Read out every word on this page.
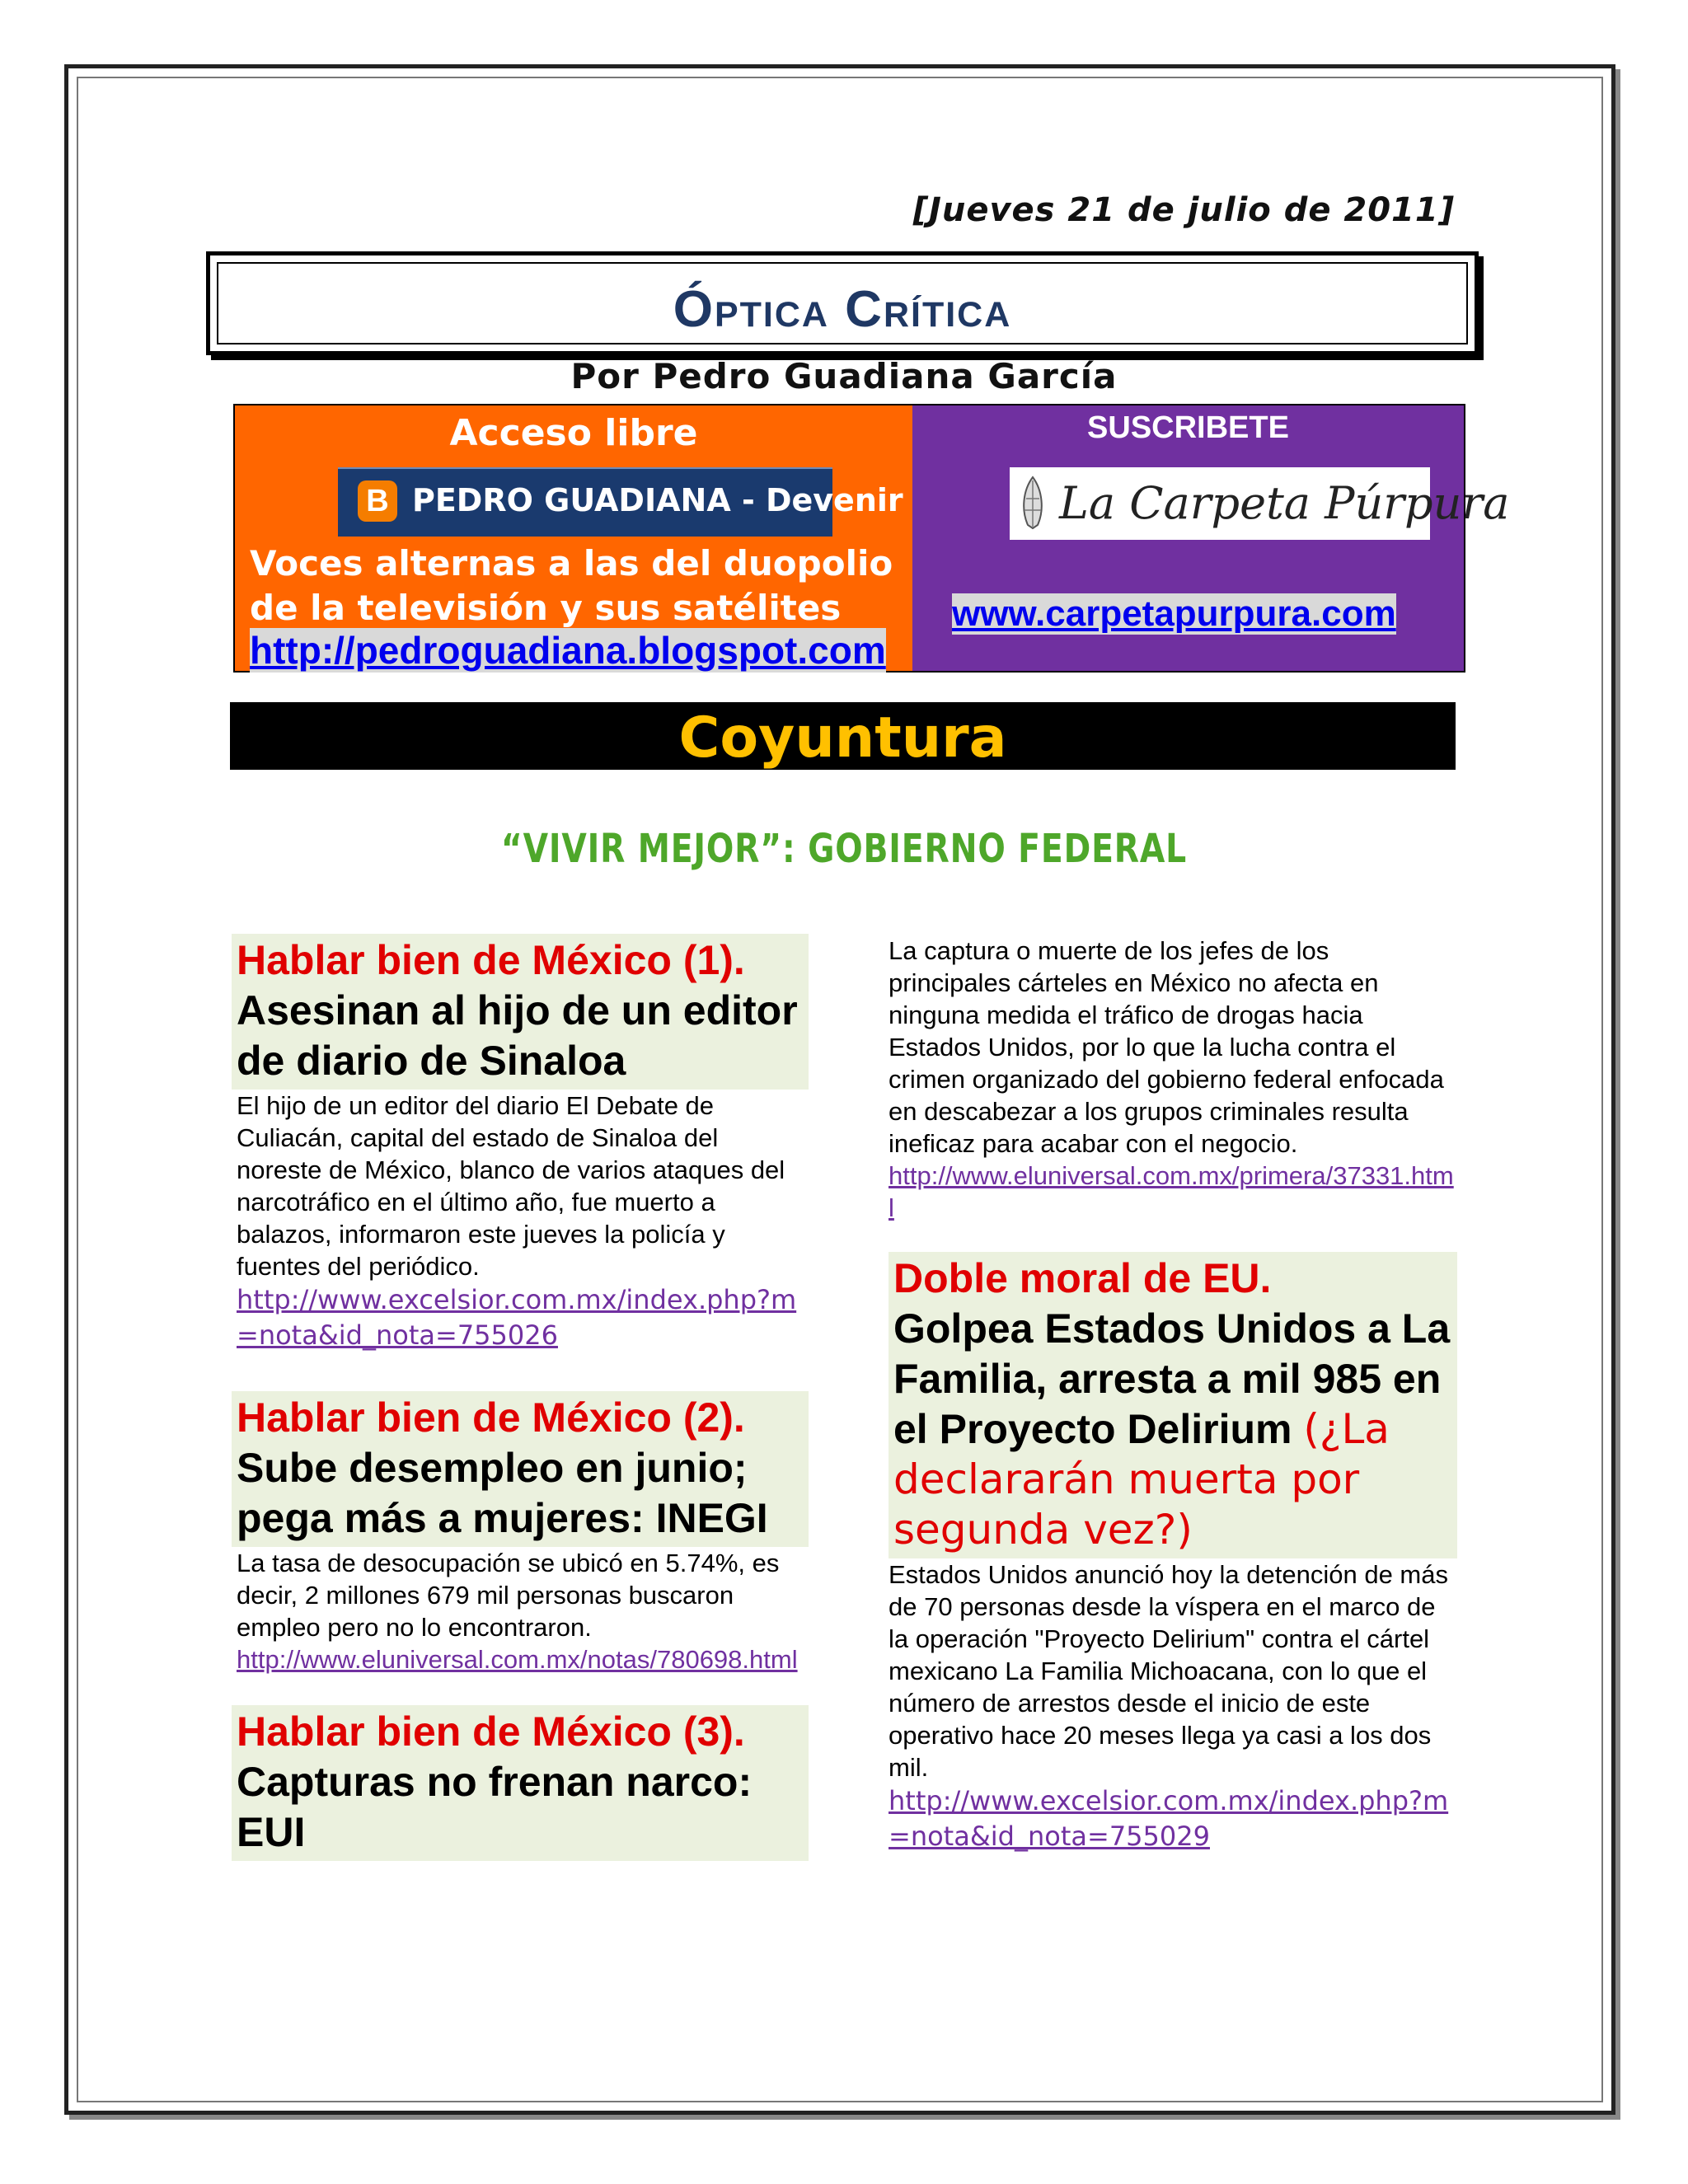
[Jueves 21 de julio de 2011]
Óptica Crítica
Por Pedro Guadiana García
Acceso libre
B PEDRO GUADIANA - Devenir
Voces alternas a las del duopolio de la televisión y sus satélites
http://pedroguadiana.blogspot.com
SUSCRIBETE
La Carpeta Púrpura
www.carpetapurpura.com
Coyuntura
“VIVIR MEJOR”: GOBIERNO FEDERAL
Hablar bien de México (1).
Asesinan al hijo de un editor de diario de Sinaloa
El hijo de un editor del diario El Debate de Culiacán, capital del estado de Sinaloa del noreste de México, blanco de varios ataques del narcotráfico en el último año, fue muerto a balazos, informaron este jueves la policía y fuentes del periódico.
http://www.excelsior.com.mx/index.php?m=nota&id_nota=755026
Hablar bien de México (2).
Sube desempleo en junio; pega más a mujeres: INEGI
La tasa de desocupación se ubicó en 5.74%, es decir, 2 millones 679 mil personas buscaron empleo pero no lo encontraron.
http://www.eluniversal.com.mx/notas/780698.html
Hablar bien de México (3).
Capturas no frenan narco: EUI
La captura o muerte de los jefes de los principales cárteles en México no afecta en ninguna medida el tráfico de drogas hacia Estados Unidos, por lo que la lucha contra el crimen organizado del gobierno federal enfocada en descabezar a los grupos criminales resulta ineficaz para acabar con el negocio.
http://www.eluniversal.com.mx/primera/37331.html
Doble moral de EU.
Golpea Estados Unidos a La Familia, arresta a mil 985 en el Proyecto Delirium (¿La declararán muerta por segunda vez?)
Estados Unidos anunció hoy la detención de más de 70 personas desde la víspera en el marco de la operación "Proyecto Delirium" contra el cártel mexicano La Familia Michoacana, con lo que el número de arrestos desde el inicio de este operativo hace 20 meses llega ya casi a los dos mil.
http://www.excelsior.com.mx/index.php?m=nota&id_nota=755029
